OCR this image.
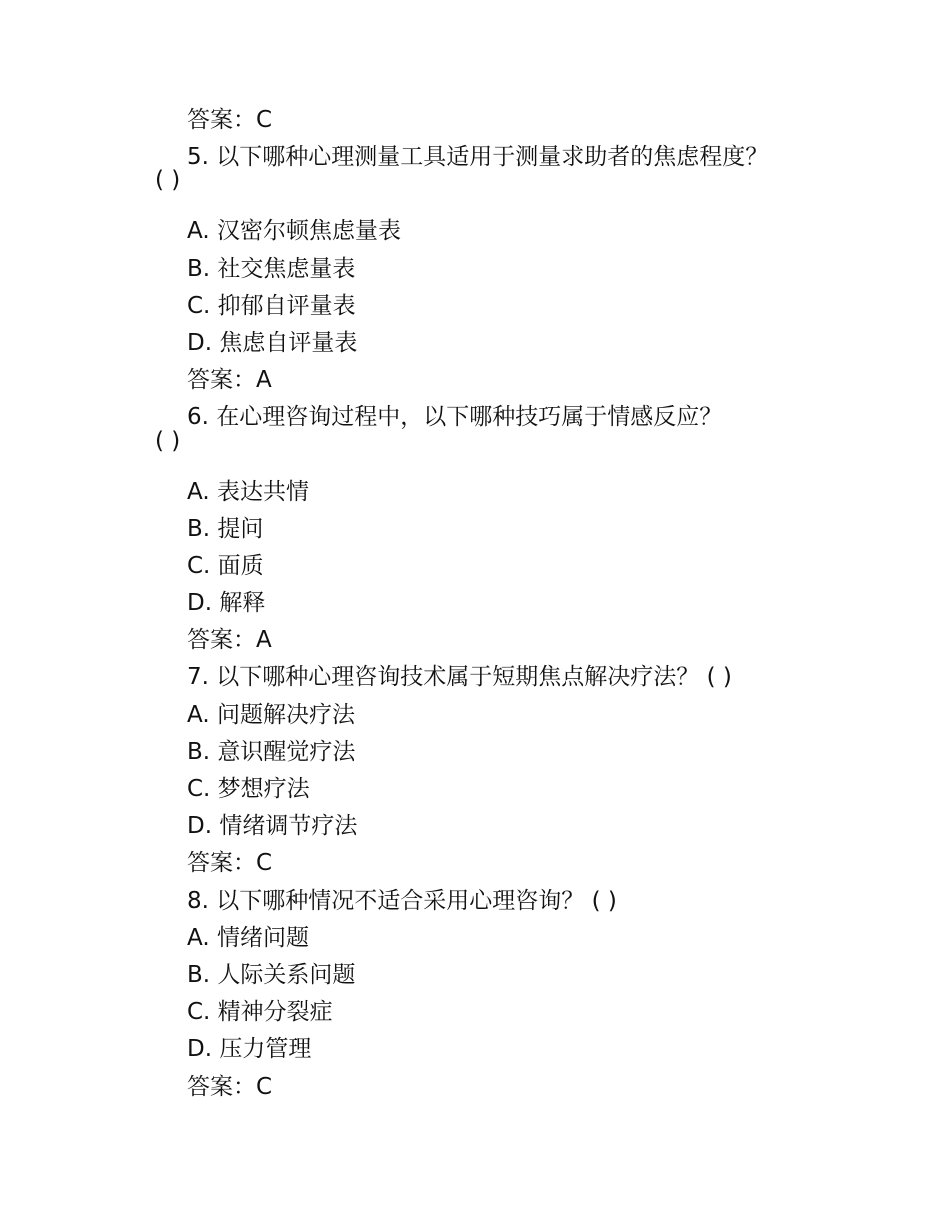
答案：C
5. 以下哪种心理测量工具适用于测量求助者的焦虑程度？
( )
A. 汉密尔顿焦虑量表
B. 社交焦虑量表
C. 抑郁自评量表
D. 焦虑自评量表
答案：A
6. 在心理咨询过程中，以下哪种技巧属于情感反应？
( )
A. 表达共情
B. 提问
C. 面质
D. 解释
答案：A
7. 以下哪种心理咨询技术属于短期焦点解决疗法？ ( )
A. 问题解决疗法
B. 意识醒觉疗法
C. 梦想疗法
D. 情绪调节疗法
答案：C
8. 以下哪种情况不适合采用心理咨询？ ( )
A. 情绪问题
B. 人际关系问题
C. 精神分裂症
D. 压力管理
答案：C
